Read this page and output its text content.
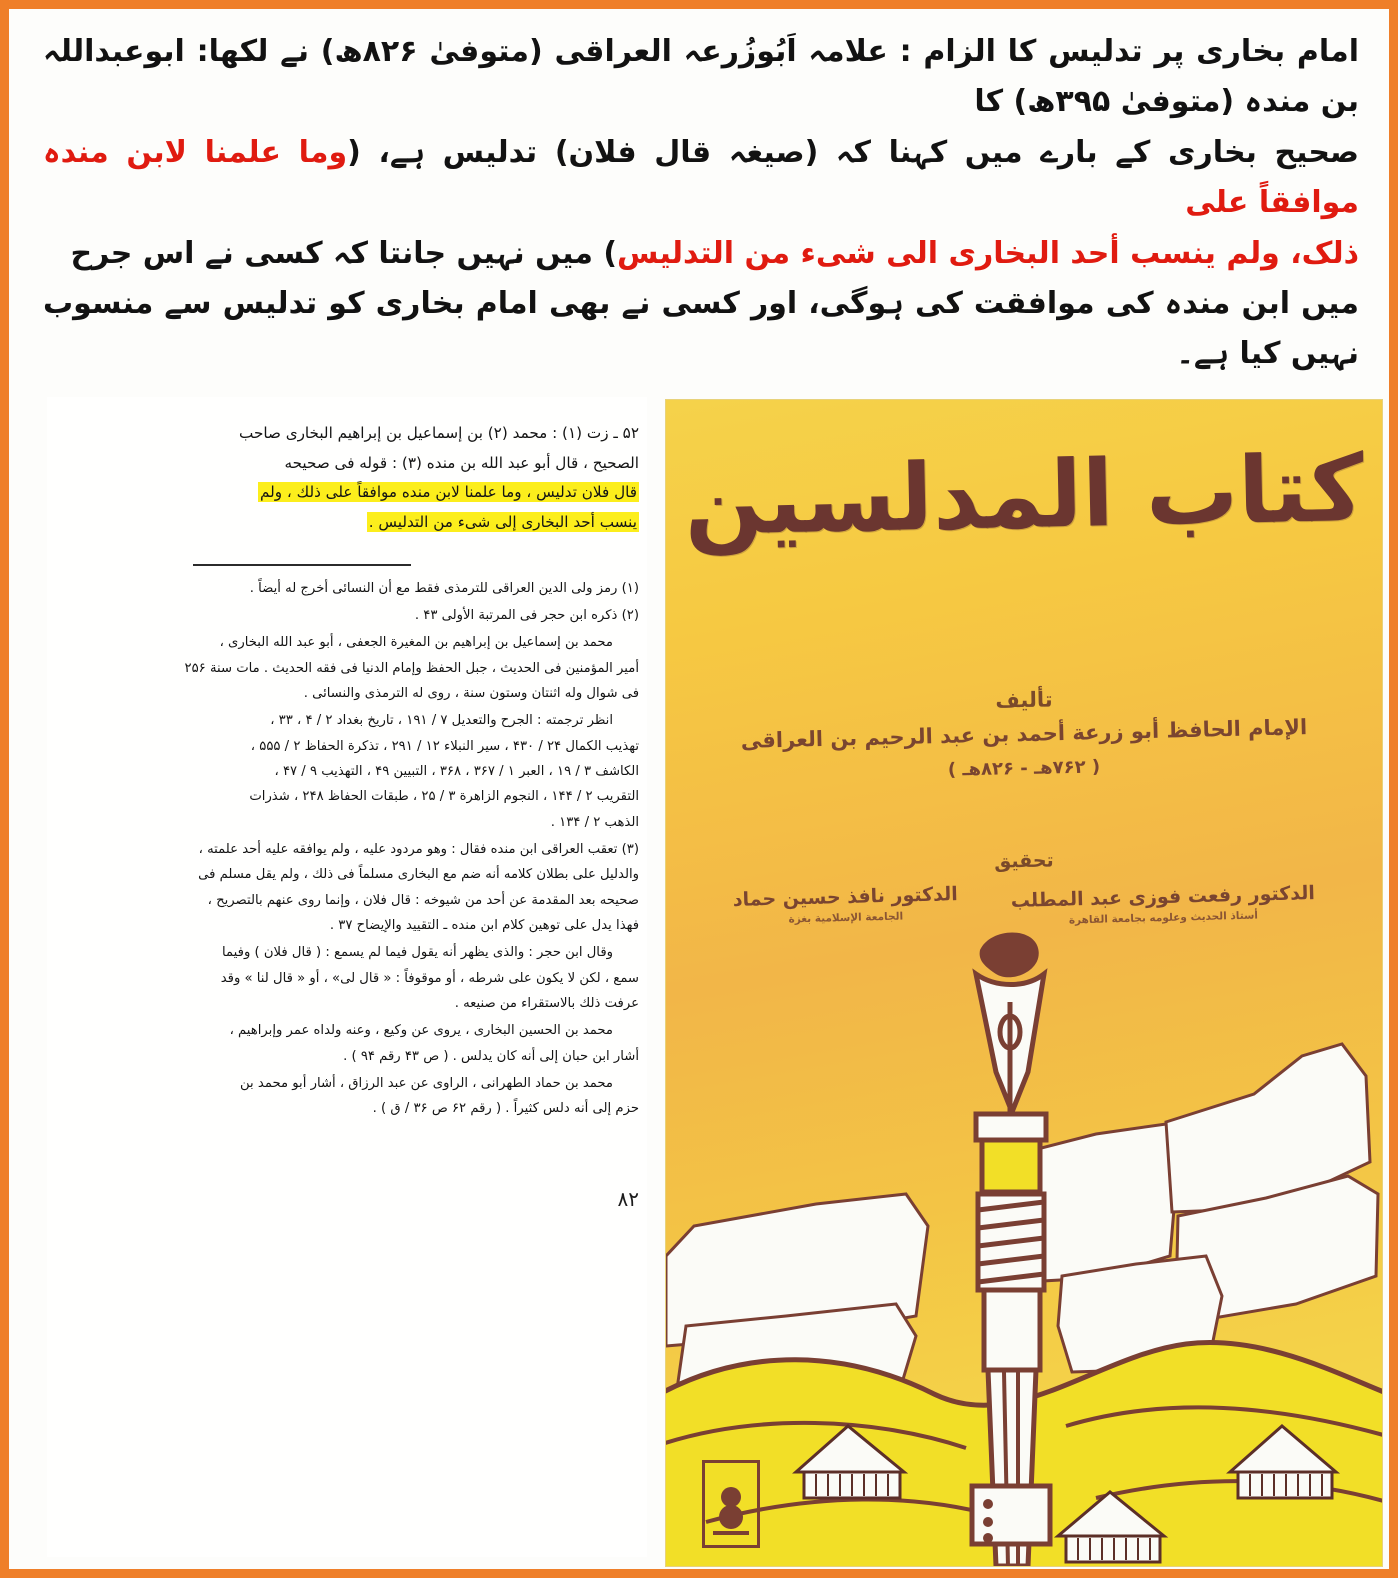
امام بخاری پر تدلیس کا الزام : علامہ اَبُوزُرعہ العراقی (متوفیٰ ۸۲۶ھ) نے لکھا: ابوعبداللہ بن مندہ (متوفیٰ ۳۹۵ھ) کا
صحیح بخاری کے بارے میں کہنا کہ (صیغہ قال فلان) تدلیس ہے، (وما علمنا لابن مندہ موافقاً علی
ذلک، ولم ينسب أحد البخاری الی شیء من التدليس) میں نہیں جانتا کہ کسی نے اس جرح
میں ابن مندہ کی موافقت کی ہوگی، اور کسی نے بھی امام بخاری کو تدلیس سے منسوب نہیں کیا ہے۔
۵۲ ـ زت (۱) : محمد (۲) بن إسماعيل بن إبراهيم البخارى صاحب
الصحيح ، قال أبو عبد الله بن منده (۳) : قوله فى صحيحه
قال فلان تدليس ، وما علمنا لابن منده موافقاً على ذلك ، ولم
ينسب أحد البخارى إلى شىء من التدليس .

(۱) رمز ولى الدين العراقى للترمذى فقط مع أن النسائى أخرج له أيضاً .

(۲) ذكره ابن حجر فى المرتبة الأولى ۴۳ .

محمد بن إسماعيل بن إبراهيم بن المغيرة الجعفى ، أبو عبد الله البخارى ،
أمير المؤمنين فى الحديث ، جبل الحفظ وإمام الدنيا فى فقه الحديث . مات سنة ۲۵۶
فى شوال وله اثنتان وستون سنة ، روى له الترمذى والنسائى .

انظر ترجمته : الجرح والتعديل ۷ / ۱۹۱ ، تاريخ بغداد ۲ / ۴ ، ۳۳ ،
تهذيب الكمال ۲۴ / ۴۳۰ ، سير النبلاء ۱۲ / ۲۹۱ ، تذكرة الحفاظ ۲ / ۵۵۵ ،
الكاشف ۳ / ۱۹ ، العبر ۱ / ۳۶۷ ، ۳۶۸ ، التبيين ۴۹ ، التهذيب ۹ / ۴۷ ،
التقريب ۲ / ۱۴۴ ، النجوم الزاهرة ۳ / ۲۵ ، طبقات الحفاظ ۲۴۸ ، شذرات
الذهب ۲ / ۱۳۴ .

(۳) تعقب العراقى ابن منده فقال : وهو مردود عليه ، ولم يوافقه عليه أحد علمته ،
والدليل على بطلان كلامه أنه ضم مع البخارى مسلماً فى ذلك ، ولم يقل مسلم فى
صحيحه بعد المقدمة عن أحد من شيوخه : قال فلان ، وإنما روى عنهم بالتصريح ،
فهذا يدل على توهين كلام ابن منده ـ التقييد والإيضاح ۳۷ .

وقال ابن حجر : والذى يظهر أنه يقول فيما لم يسمع : ( قال فلان ) وفيما
سمع ، لكن لا يكون على شرطه ، أو موقوفاً : « قال لى» ، أو « قال لنا » وقد
عرفت ذلك بالاستقراء من صنيعه .

محمد بن الحسين البخارى ، يروى عن وكيع ، وعنه ولداه عمر وإبراهيم ،
أشار ابن حبان إلى أنه كان يدلس . ( ص ۴۳ رقم ۹۴ ) .

محمد بن حماد الطهرانى ، الراوى عن عبد الرزاق ، أشار أبو محمد بن
حزم إلى أنه دلس كثيراً . ( رقم ۶۲ ص ۳۶ / ق ) .

۸۲
كتاب المدلسين
تأليف
الإمام الحافظ أبو زرعة أحمد بن عبد الرحيم بن العراقى
( ۷۶۲هـ - ۸۲۶هـ )
تحقيق
الدكتور رفعت فوزى عبد المطلب
أستاذ الحديث وعلومه بجامعة القاهرة
الدكتور نافذ حسين حماد
الجامعة الإسلامية بغزة
